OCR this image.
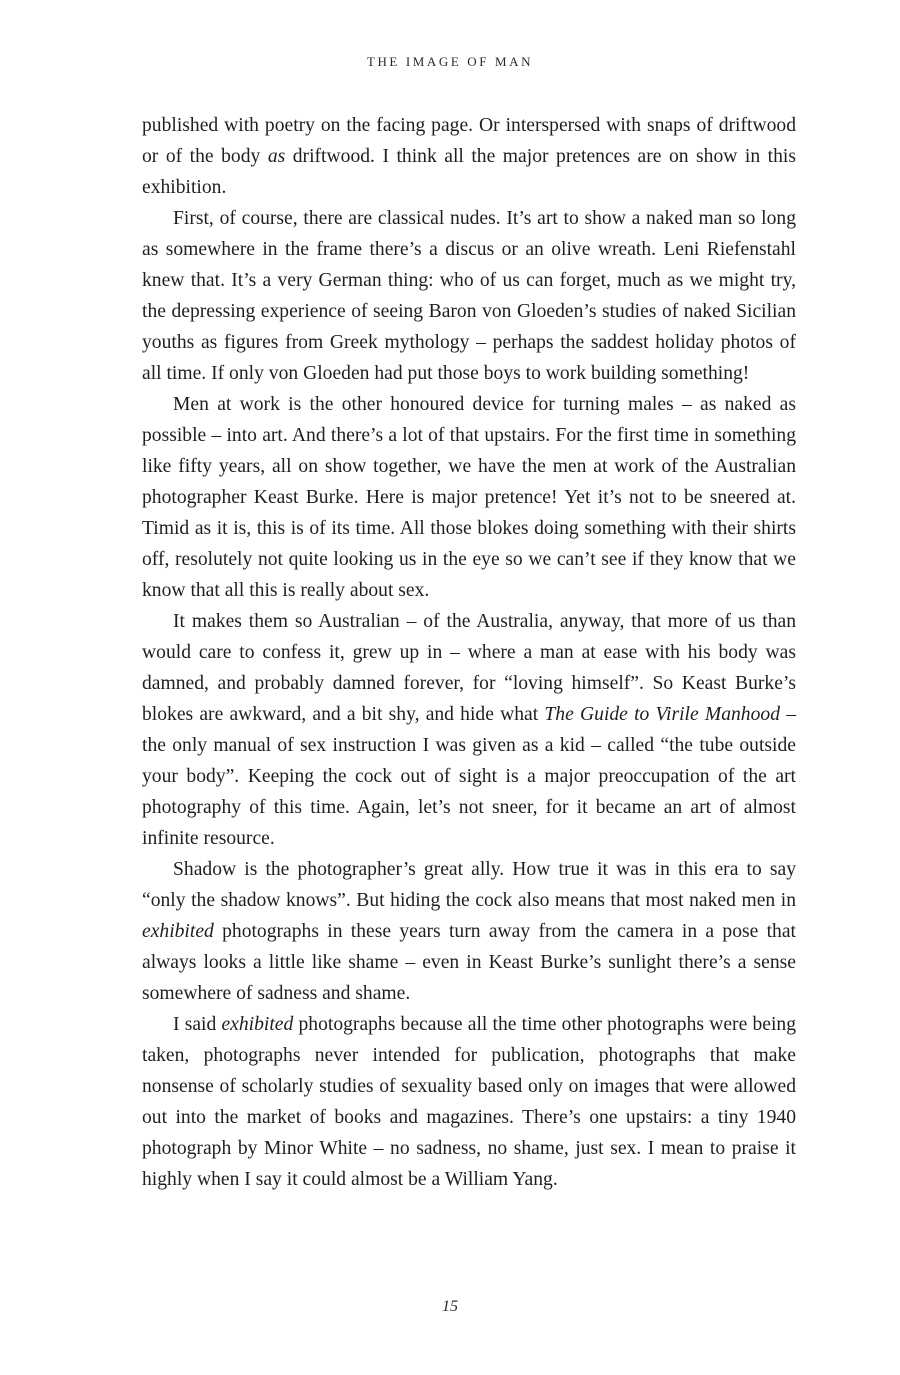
THE IMAGE OF MAN

published with poetry on the facing page. Or interspersed with snaps of driftwood or of the body as driftwood. I think all the major pretences are on show in this exhibition.

First, of course, there are classical nudes. It’s art to show a naked man so long as somewhere in the frame there’s a discus or an olive wreath. Leni Riefenstahl knew that. It’s a very German thing: who of us can forget, much as we might try, the depressing experience of seeing Baron von Gloeden’s studies of naked Sicilian youths as figures from Greek mythology – perhaps the saddest holiday photos of all time. If only von Gloeden had put those boys to work building something!

Men at work is the other honoured device for turning males – as naked as possible – into art. And there’s a lot of that upstairs. For the first time in something like fifty years, all on show together, we have the men at work of the Australian photographer Keast Burke. Here is major pretence! Yet it’s not to be sneered at. Timid as it is, this is of its time. All those blokes doing something with their shirts off, resolutely not quite looking us in the eye so we can’t see if they know that we know that all this is really about sex.

It makes them so Australian – of the Australia, anyway, that more of us than would care to confess it, grew up in – where a man at ease with his body was damned, and probably damned forever, for “loving himself”. So Keast Burke’s blokes are awkward, and a bit shy, and hide what The Guide to Virile Manhood – the only manual of sex instruction I was given as a kid – called “the tube outside your body”. Keeping the cock out of sight is a major preoccupation of the art photography of this time. Again, let’s not sneer, for it became an art of almost infinite resource.

Shadow is the photographer’s great ally. How true it was in this era to say “only the shadow knows”. But hiding the cock also means that most naked men in exhibited photographs in these years turn away from the camera in a pose that always looks a little like shame – even in Keast Burke’s sunlight there’s a sense somewhere of sadness and shame.

I said exhibited photographs because all the time other photographs were being taken, photographs never intended for publication, photographs that make nonsense of scholarly studies of sexuality based only on images that were allowed out into the market of books and magazines. There’s one upstairs: a tiny 1940 photograph by Minor White – no sadness, no shame, just sex. I mean to praise it highly when I say it could almost be a William Yang.

15
